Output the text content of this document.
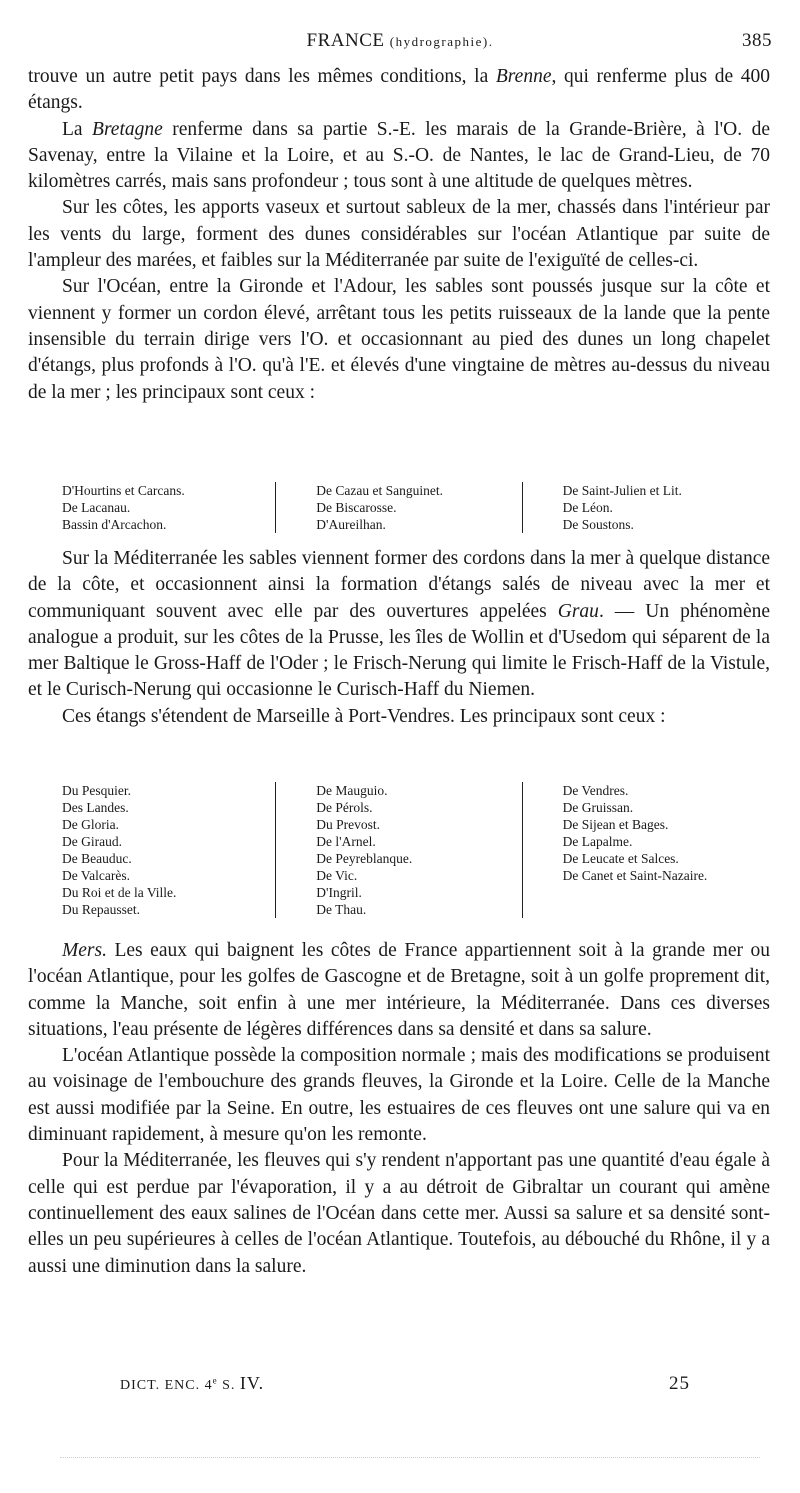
FRANCE (hydrographie).	385

trouve un autre petit pays dans les mêmes conditions, la Brenne, qui renferme plus de 400 étangs.

La Bretagne renferme dans sa partie S.-E. les marais de la Grande-Brière, à l'O. de Savenay, entre la Vilaine et la Loire, et au S.-O. de Nantes, le lac de Grand-Lieu, de 70 kilomètres carrés, mais sans profondeur ; tous sont à une altitude de quelques mètres.

Sur les côtes, les apports vaseux et surtout sableux de la mer, chassés dans l'intérieur par les vents du large, forment des dunes considérables sur l'océan Atlantique par suite de l'ampleur des marées, et faibles sur la Méditerranée par suite de l'exiguïté de celles-ci.

Sur l'Océan, entre la Gironde et l'Adour, les sables sont poussés jusque sur la côte et viennent y former un cordon élevé, arrêtant tous les petits ruisseaux de la lande que la pente insensible du terrain dirige vers l'O. et occasionnant au pied des dunes un long chapelet d'étangs, plus profonds à l'O. qu'à l'E. et élevés d'une vingtaine de mètres au-dessus du niveau de la mer ; les principaux sont ceux :

D'Hourtins et Carcans.
De Lacanau.
Bassin d'Arcachon.
De Cazau et Sanguinet.
De Biscarosse.
D'Aureilhan.
De Saint-Julien et Lit.
De Léon.
De Soustons.

Sur la Méditerranée les sables viennent former des cordons dans la mer à quelque distance de la côte, et occasionnent ainsi la formation d'étangs salés de niveau avec la mer et communiquant souvent avec elle par des ouvertures appelées Grau. — Un phénomène analogue a produit, sur les côtes de la Prusse, les îles de Wollin et d'Usedom qui séparent de la mer Baltique le Gross-Haff de l'Oder ; le Frisch-Nerung qui limite le Frisch-Haff de la Vistule, et le Curisch-Nerung qui occasionne le Curisch-Haff du Niemen.

Ces étangs s'étendent de Marseille à Port-Vendres. Les principaux sont ceux :

Du Pesquier.
Des Landes.
De Gloria.
De Giraud.
De Beauduc.
De Valcarès.
Du Roi et de la Ville.
Du Repausset.
De Mauguio.
De Pérols.
Du Prevost.
De l'Arnel.
De Peyreblanque.
De Vic.
D'Ingril.
De Thau.
De Vendres.
De Gruissan.
De Sijean et Bages.
De Lapalme.
De Leucate et Salces.
De Canet et Saint-Nazaire.

Mers. Les eaux qui baignent les côtes de France appartiennent soit à la grande mer ou l'océan Atlantique, pour les golfes de Gascogne et de Bretagne, soit à un golfe proprement dit, comme la Manche, soit enfin à une mer intérieure, la Méditerranée. Dans ces diverses situations, l'eau présente de légères différences dans sa densité et dans sa salure.

L'océan Atlantique possède la composition normale ; mais des modifications se produisent au voisinage de l'embouchure des grands fleuves, la Gironde et la Loire. Celle de la Manche est aussi modifiée par la Seine. En outre, les estuaires de ces fleuves ont une salure qui va en diminuant rapidement, à mesure qu'on les remonte.

Pour la Méditerranée, les fleuves qui s'y rendent n'apportant pas une quantité d'eau égale à celle qui est perdue par l'évaporation, il y a au détroit de Gibraltar un courant qui amène continuellement des eaux salines de l'Océan dans cette mer. Aussi sa salure et sa densité sont-elles un peu supérieures à celles de l'océan Atlantique. Toutefois, au débouché du Rhône, il y a aussi une diminution dans la salure.

DICT. ENC. 4e S. IV.	25
